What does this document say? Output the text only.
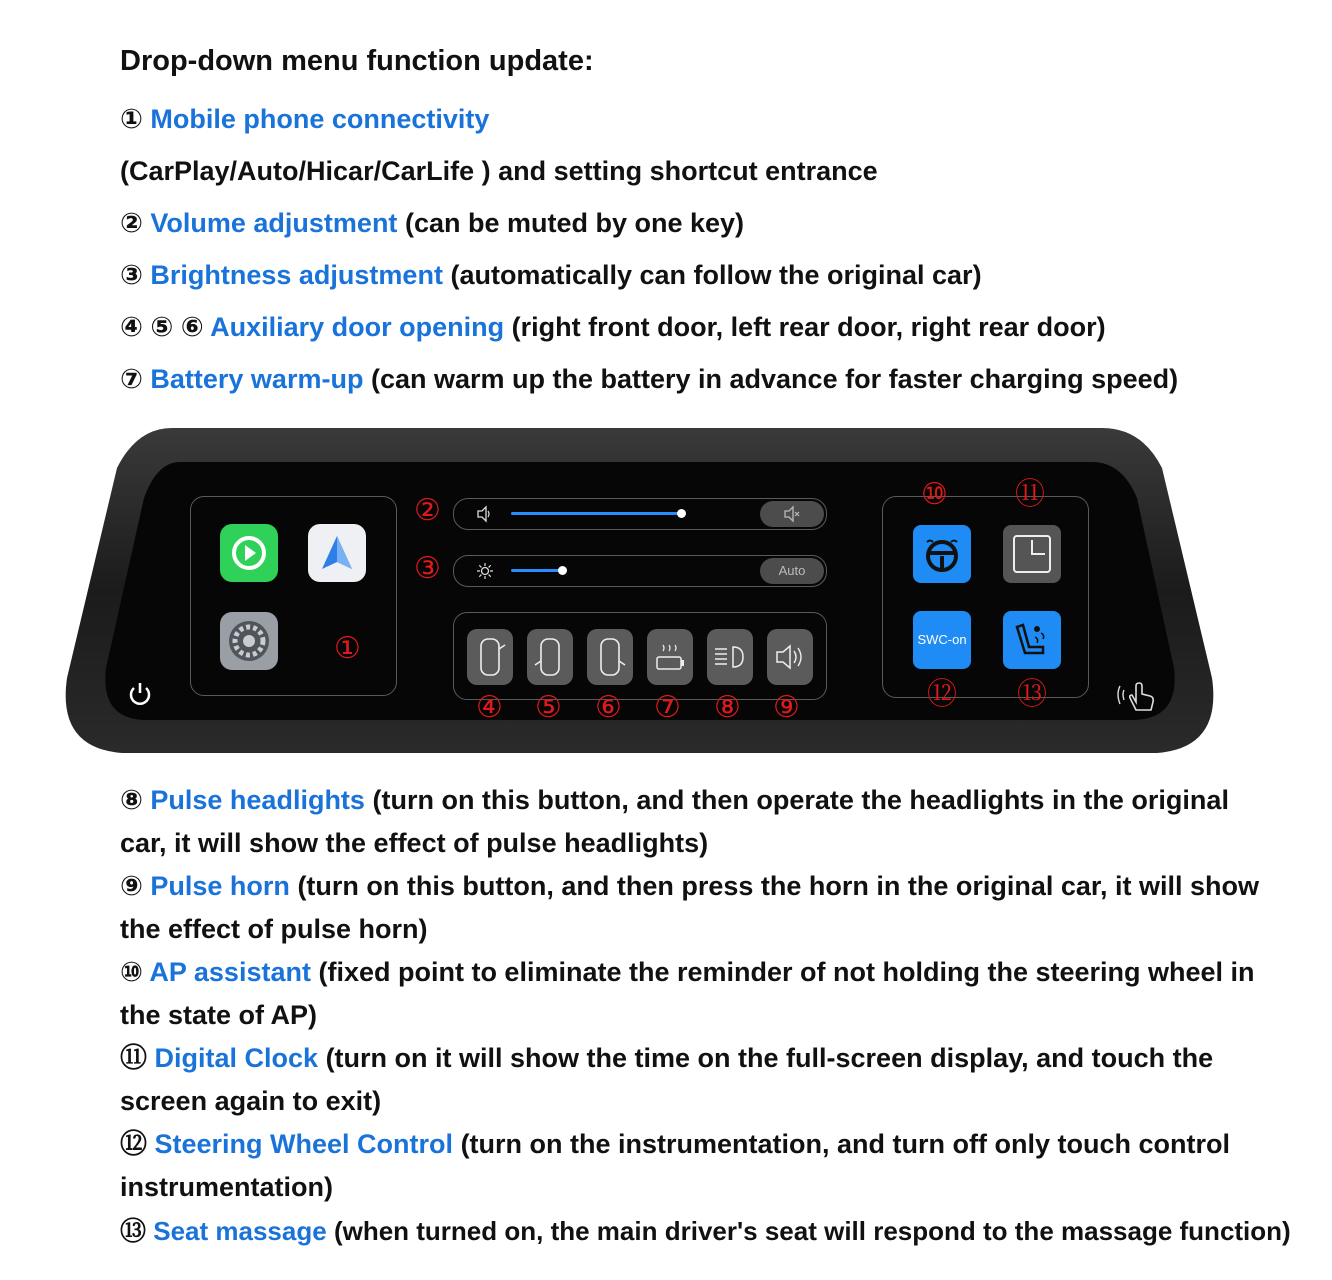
Drop-down menu function update:
① Mobile phone connectivity
(CarPlay/Auto/Hicar/CarLife ) and setting shortcut entrance
② Volume adjustment (can be muted by one key)
③ Brightness adjustment (automatically can follow the original car)
④ ⑤ ⑥ Auxiliary door opening (right front door, left rear door, right rear door)
⑦ Battery warm-up (can warm up the battery in advance for faster charging speed)
①
②
③	Auto
④ ⑤ ⑥ ⑦ ⑧ ⑨
⑩ ⑪
SWC-on
⑫ ⑬
⑧ Pulse headlights (turn on this button, and then operate the headlights in the original car, it will show the effect of pulse headlights)
⑨ Pulse horn (turn on this button, and then press the horn in the original car, it will show the effect of pulse horn)
⑩ AP assistant (fixed point to eliminate the reminder of not holding the steering wheel in the state of AP)
⑪ Digital Clock (turn on it will show the time on the full-screen display, and touch the screen again to exit)
⑫ Steering Wheel Control (turn on the instrumentation, and turn off only touch control instrumentation)
⑬ Seat massage (when turned on, the main driver's seat will respond to the massage function)
